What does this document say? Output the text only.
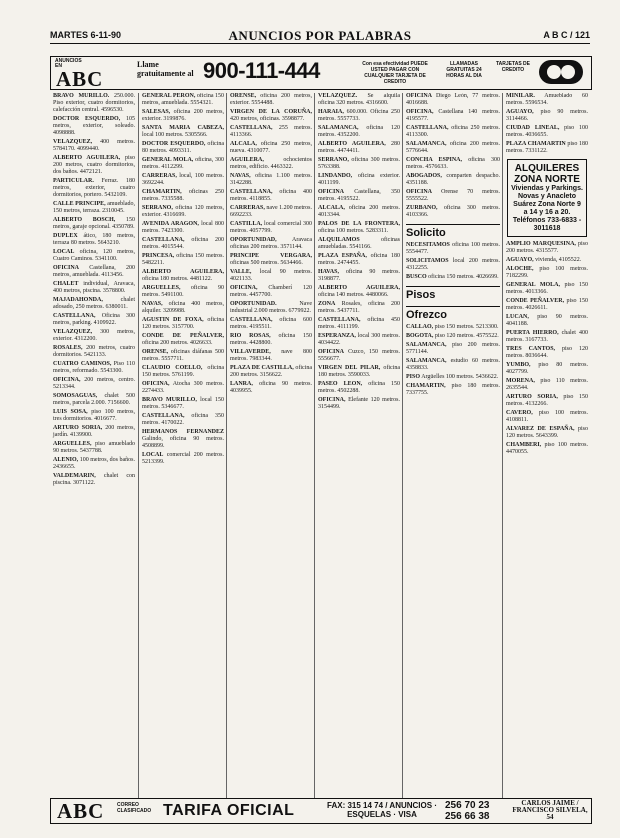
MARTES 6-11-90	ANUNCIOS POR PALABRAS	A B C / 121
ANUNCIOS EN
ABC
Llame gratuitamente al 900-111-444	Con esa efectividad PUEDE USTED PAGAR CON CUALQUIER TARJETA DE CREDITO
LLAMADAS GRATUITAS 24 HORAS AL DIA
TARJETAS DE CREDITO

BRAVO MURILLO. 250.000. Piso exterior, cuatro dormitorios, calefacción central. 4596530.

DOCTOR ESQUERDO, 105 metros, exterior, soleado. 4098888.

VELAZQUEZ, 400 metros. 5784170. 4099440.

ALBERTO AGUILERA, piso 200 metros, cuatro dormitorios, dos baños. 4472121.

PARTICULAR. Ferraz. 180 metros, exterior, cuatro dormitorios, portero. 5432109.

CALLE PRINCIPE, amueblado, 150 metros, terraza. 2310045.

ALBERTO BOSCH, 150 metros, garaje opcional. 4350789.

DUPLEX ático, 180 metros, terraza 80 metros. 5643210.

LOCAL oficina, 120 metros, Cuatro Caminos. 5341100.

OFICINA Castellana, 200 metros, amueblada. 4113456.

CHALET individual, Aravaca, 400 metros, piscina. 3578800.

MAJADAHONDA,	chalet adosado, 250 metros. 6380011.

CASTELLANA, Oficina 300 metros, parking. 4109922.

VELAZQUEZ, 300 metros, exterior. 4312200.

ROSALES, 200 metros, cuatro dormitorios. 5421133.

CUATRO CAMINOS, Piso 110 metros, reformado. 5543300.

OFICINA, 200 metros, centro. 5213344.

SOMOSAGUAS, chalet 500 metros, parcela 2.000. 7156600.

LUIS SOSA, piso 100 metros, tres dormitorios. 4016677.

ARTURO SORIA, 200 metros, jardín. 4139900.

ARGUELLES, piso amueblado 90 metros. 5437788.

ALENIO, 100 metros, dos baños. 2436655.

VALDEMARIN, chalet con piscina. 3071122.

GENERAL PERON, oficina 150 metros, amueblada. 5554321.

SALESAS, oficina 200 metros, exterior. 3199876.

SANTA MARIA CABEZA, local 100 metros. 5305566.

DOCTOR ESQUERDO, oficina 80 metros. 4093311.

GENERAL MOLA, oficina, 300 metros. 4112299.

CARRERAS, local, 100 metros. 3692244.

CHAMARTIN, oficinas 250 metros. 7335588.

SERRANO, oficina 120 metros, exterior. 4316699.

AVENIDA ARAGON, local 800 metros. 7423300.

CASTELLANA, oficina 200 metros. 4015544.

PRINCESA, oficina 150 metros. 5482211.

ALBERTO AGUILERA, oficina 180 metros. 4481122.

ARGUELLES, oficina 90 metros. 5491100.

NAVAS, oficina 400 metros, alquiler. 3209988.

AGUSTIN DE FOXA, oficina 120 metros. 3157700.

CONDE DE PEÑALVER, oficina 200 metros. 4026633.

ORENSE, oficinas diáfanas 500 metros. 5557711.

CLAUDIO COELLO, oficina 150 metros. 5761199.

OFICINA, Atocha 300 metros. 2274433.

BRAVO MURILLO, local 150 metros. 5346677.

CASTELLANA, oficina 350 metros. 4170022.

HERMANOS FERNANDEZ Galindo, oficina 90 metros. 4508899.

LOCAL comercial 200 metros. 5213399.

ORENSE, oficina 200 metros, exterior. 5554488.

VIRGEN DE LA CORUÑA, 420 metros, oficinas. 3598877.

CASTELLANA, 255 metros. 4113366.

ALCALA, oficina 250 metros, nueva. 4310077.

AGUILERA,	ochocientos metros, edificio. 4463322.

NAVAS, oficina 1.100 metros. 3142288.

CASTELLANA, oficina 400 metros. 4118855.

CARRERAS, nave 1.200 metros. 6692233.

CASTILLA, local comercial 300 metros. 4057799.

OPORTUNIDAD,	Aravaca oficinas 200 metros. 3571144.

PRINCIPE VERGARA, oficinas 500 metros. 5634466.

VALLE, local 90 metros. 4021133.

OFICINA, Chamberí 120 metros. 4457700.

OPORTUNIDAD.	Nave industrial 2.000 metros. 6779922.

CASTELLANA, oficina 600 metros. 4195511.

RIO ROSAS, oficina 150 metros. 4428800.

VILLAVERDE, nave 800 metros. 7983344.

PLAZA DE CASTILLA, oficina 200 metros. 3156622.

LANRA, oficina 90 metros. 4039955.

VELAZQUEZ. Se alquila oficina 320 metros. 4316600.

HARAIA, 600.000. Oficina 250 metros. 5557733.

SALAMANCA, oficina 120 metros. 4352200.

ALBERTO AGUILERA, 280 metros. 4474411.

SERRANO, oficina 300 metros. 5763388.

LINDANDO, oficina exterior. 4011199.

OFICINA Castellana, 350 metros. 4195522.

ALCALA, oficina 200 metros. 4013344.

PALOS DE LA FRONTERA, oficina 100 metros. 5283311.

ALQUILAMOS	oficinas amuebladas. 5541166.

PLAZA ESPAÑA, oficina 180 metros. 2474455.

HAVAS, oficina 90 metros. 3198877.

ALBERTO AGUILERA, oficina 140 metros. 4480066.

ZONA Rosales, oficina 200 metros. 5437711.

CASTELLANA, oficina 450 metros. 4111199.

ESPERANZA, local 300 metros. 4034422.

OFICINA Cuzco, 150 metros. 5556677.

VIRGEN DEL PILAR, oficina 180 metros. 3590033.

PASEO LEON, oficina 150 metros. 4502288.

OFICINA, Elefante 120 metros. 3154499.

OFICINA Diego León, 77 metros. 4016688.

OFICINA, Castellana 140 metros. 4195577.

CASTELLANA, oficina 250 metros. 4113300.

SALAMANCA, oficina 200 metros. 5776644.

CONCHA ESPINA, oficina 300 metros. 4576633.

ABOGADOS, comparten despacho. 4351188.

OFICINA Orense 70 metros. 5555522.

ZURBANO, oficina 300 metros. 4103366.

Solicito

NECESITAMOS oficina 100 metros. 5554477.

SOLICITAMOS local 200 metros. 4312255.

BUSCO oficina 150 metros. 4026699.

Pisos
Ofrezco

CALLAO, piso 150 metros. 5213300.

BOGOTA, piso 120 metros. 4575522.

SALAMANCA, piso 200 metros. 5771144.

SALAMANCA, estudio 60 metros. 4358833.

PISO Argüelles 100 metros. 5436622.

CHAMARTIN, piso 180 metros. 7337755.

MINILAR. Amueblado 60 metros. 5596534.

AGUAYO, piso 90 metros. 3114466.

CIUDAD LINEAL, piso 100 metros. 4036655.

PLAZA CHAMARTIN piso 180 metros. 7331122.

ALQUILERES ZONA NORTE
Viviendas y Parkings. Novas y Anacleto Suárez Zona Norte 9 a 14 y 16 a 20. Teléfonos 733-6833 - 3011618

AMPLIO MARQUESINA, piso 200 metros. 4315577.

AGUAYO, vivienda, 4105522.

ALOCHE, piso 100 metros. 7182299.

GENERAL MOLA, piso 150 metros. 4013366.

CONDE PEÑALVER, piso 150 metros. 4026611.

LUCAN, piso 90 metros. 4041188.

PUERTA HIERRO, chalet 400 metros. 3167733.

TRES CANTOS, piso 120 metros. 8036644.

YUMBO, piso 80 metros. 4027799.

MORENA, piso 110 metros. 2635544.

ARTURO SORIA, piso 150 metros. 4132266.

CAVERO, piso 100 metros. 4108811.

ALVAREZ DE ESPAÑA, piso 120 metros. 5643399.

CHAMBERI, piso 100 metros. 4470055.

ABC	CORREO CLASIFICADO TARIFA OFICIAL	FAX: 315 14 74 / ANUNCIOS · ESQUELAS · VISA
256 70 23
256 66 38
CARLOS JAIME / FRANCISCO SILVELA, 54
